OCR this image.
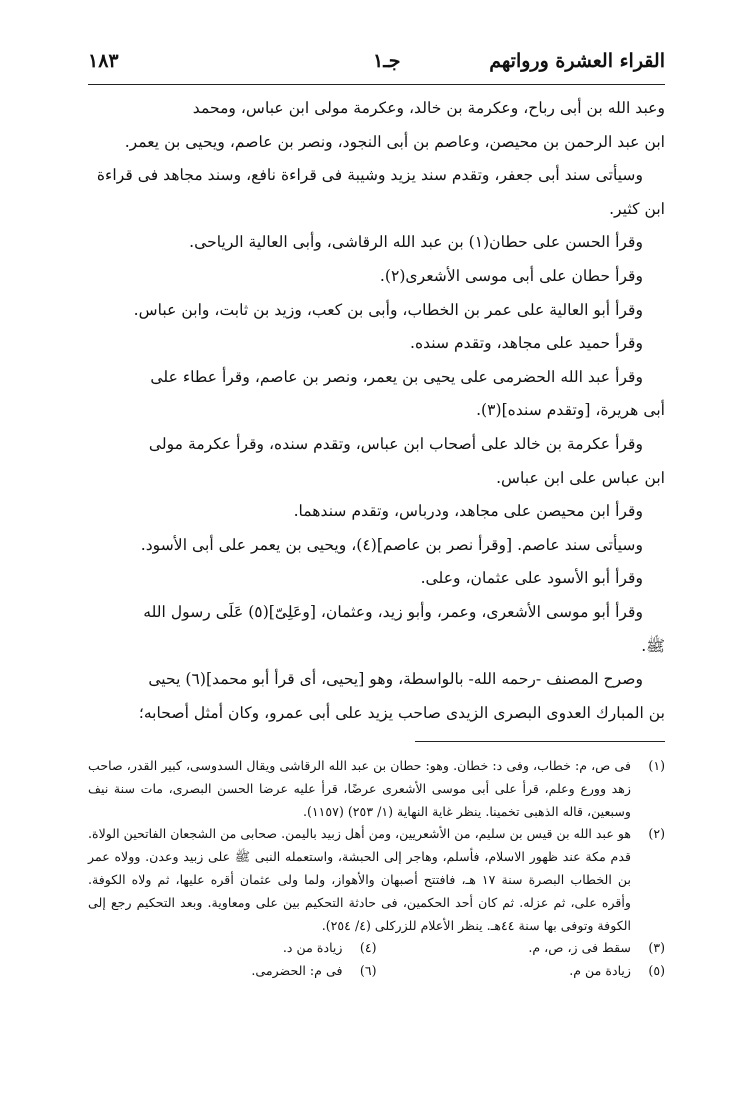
القراء العشرة ورواتهم
جـ١
١٨٣

وعبد الله بن أبى رباح، وعكرمة بن خالد، وعكرمة مولى ابن عباس، ومحمد

ابن عبد الرحمن بن محيصن، وعاصم بن أبى النجود، ونصر بن عاصم، ويحيى بن يعمر.

وسيأتى سند أبى جعفر، وتقدم سند يزيد وشيبة فى قراءة نافع، وسند مجاهد فى قراءة

ابن كثير.

وقرأ الحسن على حطان(١) بن عبد الله الرقاشى، وأبى العالية الرياحى.

وقرأ حطان على أبى موسى الأشعرى(٢).

وقرأ أبو العالية على عمر بن الخطاب، وأبى بن كعب، وزيد بن ثابت، وابن عباس.

وقرأ حميد على مجاهد، وتقدم سنده.

وقرأ عبد الله الحضرمى على يحيى بن يعمر، ونصر بن عاصم، وقرأ عطاء على

أبى هريرة، [وتقدم سنده](٣).

وقرأ عكرمة بن خالد على أصحاب ابن عباس، وتقدم سنده، وقرأ عكرمة مولى

ابن عباس على ابن عباس.

وقرأ ابن محيصن على مجاهد، ودرباس، وتقدم سندهما.

وسيأتى سند عاصم. [وقرأ نصر بن عاصم](٤)، ويحيى بن يعمر على أبى الأسود.

وقرأ أبو الأسود على عثمان، وعلى.

وقرأ أبو موسى الأشعرى، وعمر، وأبو زيد، وعثمان، [وعَلِىّ](٥) عَلَى رسول الله

ﷺ.

وصرح المصنف -رحمه الله- بالواسطة، وهو [يحيى، أى قرأ أبو محمد](٦) يحيى

بن المبارك العدوى البصرى الزيدى صاحب يزيد على أبى عمرو، وكان أمثل أصحابه؛

(١)
فى ص، م: خطاب، وفى د: خطان. وهو: حطان بن عبد الله الرقاشى ويقال السدوسى، كبير القدر، صاحب زهد وورع وعلم، قرأ على أبى موسى الأشعرى عرضًا، قرأ عليه عرضا الحسن البصرى، مات سنة نيف وسبعين، قاله الذهبى تخمينا. ينظر غاية النهاية (١/ ٢٥٣) (١١٥٧).
(٢)
هو عبد الله بن قيس بن سليم، من الأشعريين، ومن أهل زبيد باليمن. صحابى من الشجعان الفاتحين الولاة. قدم مكة عند ظهور الاسلام، فأسلم، وهاجر إلى الحبشة، واستعمله النبى ﷺ على زبيد وعدن. وولاه عمر بن الخطاب البصرة سنة ١٧ هـ، فافتتح أصبهان والأهواز، ولما ولى عثمان أقره عليها، ثم ولاه الكوفة. وأقره على، ثم عزله. ثم كان أحد الحكمين، فى حادثة التحكيم بين على ومعاوية. وبعد التحكيم رجع إلى الكوفة وتوفى بها سنة ٤٤هـ. ينظر الأعلام للزركلى (٤/ ٢٥٤).
(٣)
سقط فى ز، ص، م.
(٤)
زيادة من د.
(٥)
زيادة من م.
(٦)
فى م: الحضرمى.
